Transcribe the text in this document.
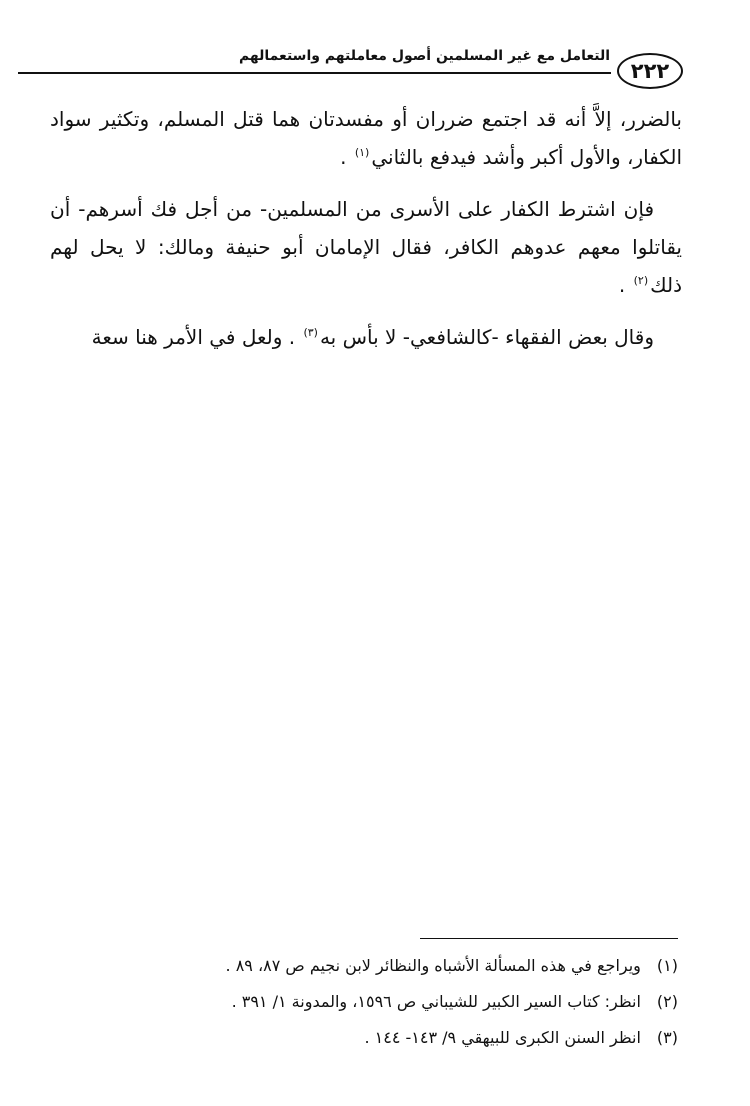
التعامل مع غير المسلمين أصول معاملتهم واستعمالهم
٢٢٢

بالضرر، إلاَّ أنه قد اجتمع ضرران أو مفسدتان هما قتل المسلم، وتكثير سواد الكفار، والأول أكبر وأشد فيدفع بالثاني$^{(١)}$ .

فإن اشترط الكفار على الأسرى من المسلمين- من أجل فك أسرهم- أن يقاتلوا معهم عدوهم الكافر، فقال الإمامان أبو حنيفة ومالك: لا يحل لهم ذلك$^{(٢)}$ .

وقال بعض الفقهاء -كالشافعي- لا بأس به$^{(٣)}$ . ولعل في الأمر هنا سعة

(١)ويراجع في هذه المسألة الأشباه والنظائر لابن نجيم ص ٨٧، ٨٩ .
(٢)انظر: كتاب السير الكبير للشيباني ص ١٥٩٦، والمدونة ١/ ٣٩١ .
(٣)انظر السنن الكبرى للبيهقي ٩/ ١٤٣- ١٤٤ .
